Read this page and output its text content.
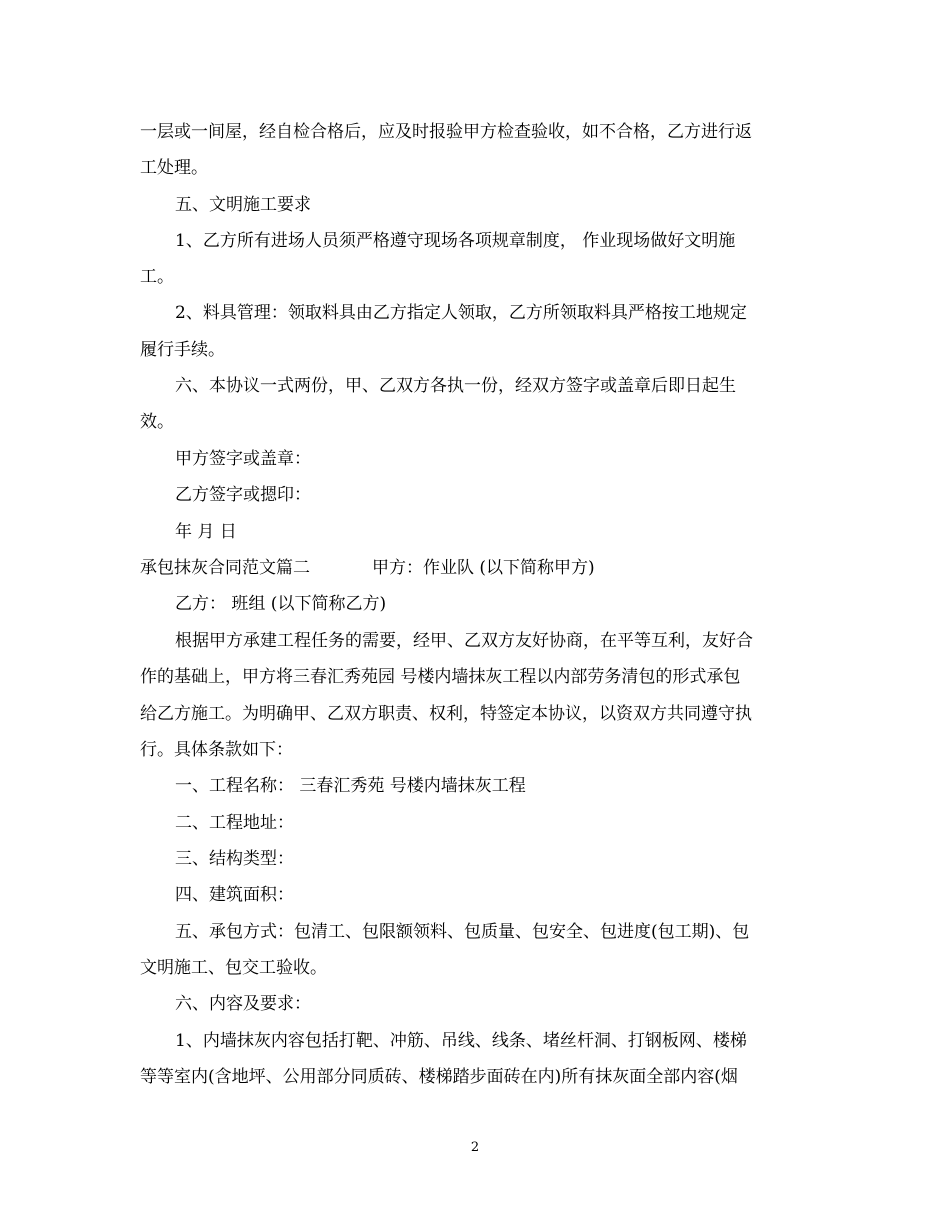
一层或一间屋，经自检合格后，应及时报验甲方检查验收，如不合格，乙方进行返
工处理。
五、文明施工要求
1、乙方所有进场人员须严格遵守现场各项规章制度， 作业现场做好文明施
工。
2、料具管理：领取料具由乙方指定人领取，乙方所领取料具严格按工地规定
履行手续。
六、本协议一式两份，甲、乙双方各执一份，经双方签字或盖章后即日起生
效。
甲方签字或盖章：
乙方签字或摁印：
年 月 日
承包抹灰合同范文篇二	甲方：作业队 (以下简称甲方)
乙方： 班组 (以下简称乙方)
根据甲方承建工程任务的需要，经甲、乙双方友好协商，在平等互利，友好合
作的基础上，甲方将三春汇秀苑园 号楼内墙抹灰工程以内部劳务清包的形式承包
给乙方施工。为明确甲、乙双方职责、权利，特签定本协议，以资双方共同遵守执
行。具体条款如下：
一、工程名称： 三春汇秀苑 号楼内墙抹灰工程
二、工程地址：
三、结构类型：
四、建筑面积：
五、承包方式：包清工、包限额领料、包质量、包安全、包进度(包工期)、包
文明施工、包交工验收。
六、内容及要求：
1、内墙抹灰内容包括打靶、冲筋、吊线、线条、堵丝杆洞、打钢板网、楼梯
等等室内(含地坪、公用部分同质砖、楼梯踏步面砖在内)所有抹灰面全部内容(烟
2
